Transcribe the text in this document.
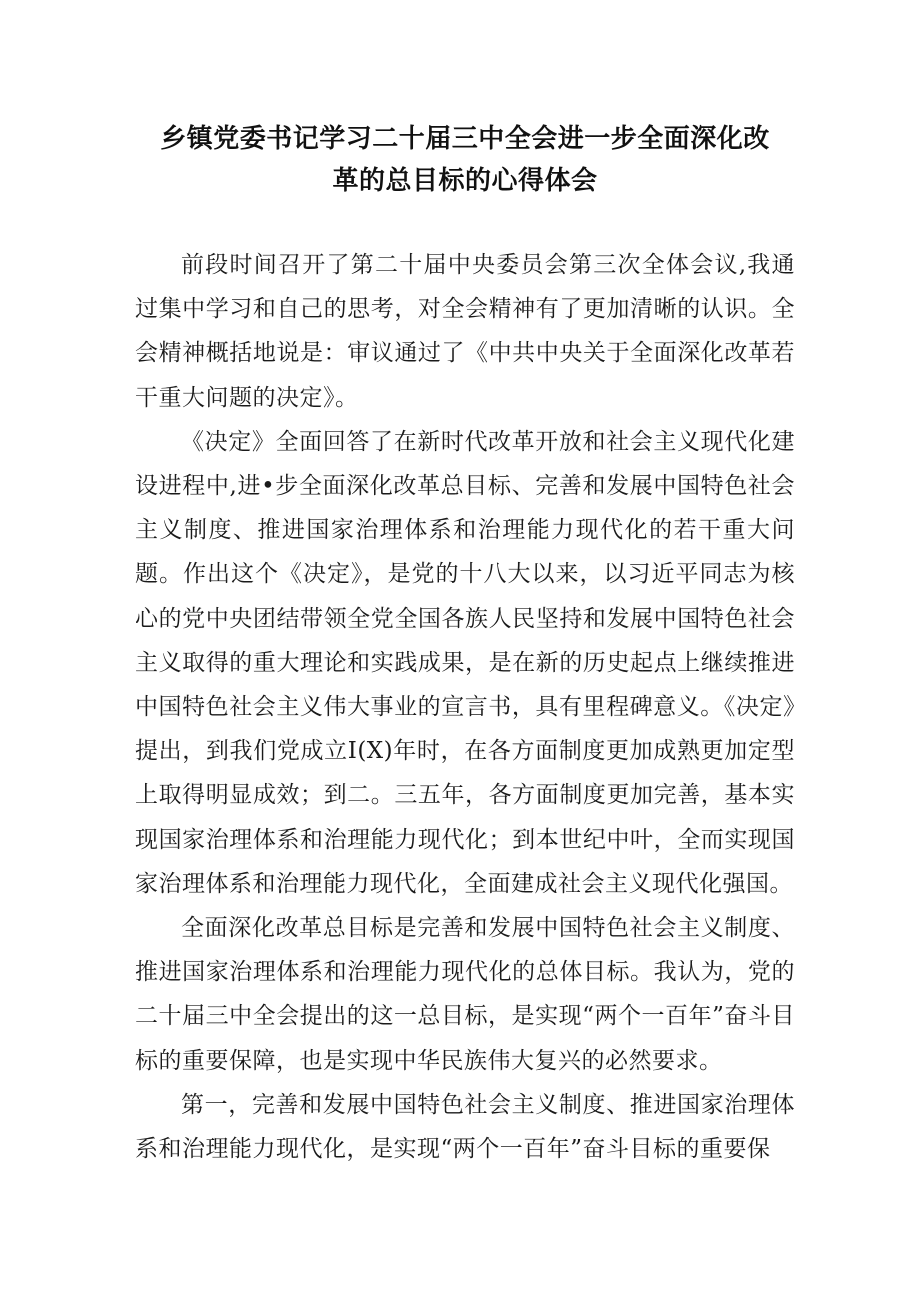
乡镇党委书记学习二十届三中全会进一步全面深化改
革的总目标的心得体会

前段时间召开了第二十届中央委员会第三次全体会议,我通过集中学习和自己的思考，对全会精神有了更加清晰的认识。全会精神概括地说是：审议通过了《中共中央关于全面深化改革若干重大问题的决定》。

《决定》全面回答了在新时代改革开放和社会主义现代化建设进程中,进•步全面深化改革总目标、完善和发展中国特色社会主义制度、推进国家治理体系和治理能力现代化的若干重大问题。作出这个《决定》，是党的十八大以来，以习近平同志为核心的党中央团结带领全党全国各族人民坚持和发展中国特色社会主义取得的重大理论和实践成果，是在新的历史起点上继续推进中国特色社会主义伟大事业的宣言书，具有里程碑意义。《决定》提出，到我们党成立I(X)年时，在各方面制度更加成熟更加定型上取得明显成效；到二。三五年，各方面制度更加完善，基本实现国家治理体系和治理能力现代化；到本世纪中叶，全而实现国家治理体系和治理能力现代化，全面建成社会主义现代化强国。

全面深化改革总目标是完善和发展中国特色社会主义制度、推进国家治理体系和治理能力现代化的总体目标。我认为，党的二十届三中全会提出的这一总目标，是实现“两个一百年”奋斗目标的重要保障，也是实现中华民族伟大复兴的必然要求。

第一，完善和发展中国特色社会主义制度、推进国家治理体系和治理能力现代化，是实现“两个一百年”奋斗目标的重要保
